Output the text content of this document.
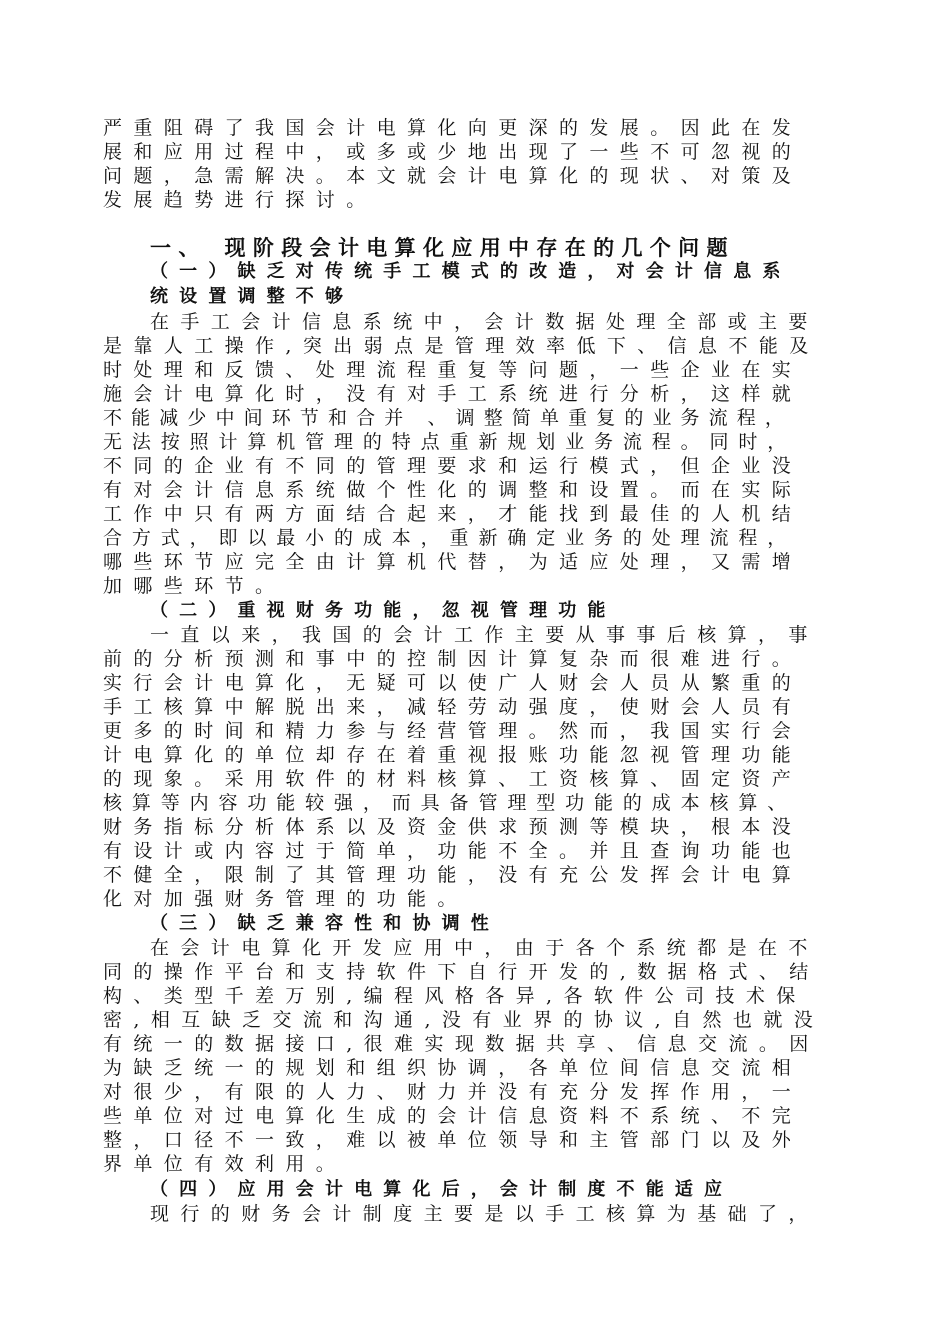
严重阻碍了我国会计电算化向更深的发展。因此在发
展和应用过程中，或多或少地出现了一些不可忽视的
问题，急需解决。本文就会计电算化的现状、对策及
发展趋势进行探讨。
一、　现阶段会计电算化应用中存在的几个问题
（一）缺乏对传统手工模式的改造，对会计信息系
统设置调整不够
在手工会计信息系统中，会计数据处理全部或主要
是靠人工操作,突出弱点是管理效率低下、信息不能及
时处理和反馈、处理流程重复等问题，一些企业在实
施会计电算化时，没有对手工系统进行分析，这样就
不能减少中间环节和合并 、调整简单重复的业务流程，
无法按照计算机管理的特点重新规划业务流程。同时，
不同的企业有不同的管理要求和运行模式，但企业没
有对会计信息系统做个性化的调整和设置。而在实际
工作中只有两方面结合起来，才能找到最佳的人机结
合方式，即以最小的成本，重新确定业务的处理流程，
哪些环节应完全由计算机代替，为适应处理，又需增
加哪些环节。
（二）重视财务功能，忽视管理功能
一直以来，我国的会计工作主要从事事后核算，事
前的分析预测和事中的控制因计算复杂而很难进行。
实行会计电算化，无疑可以使广人财会人员从繁重的
手工核算中解脱出来，减轻劳动强度，使财会人员有
更多的时间和精力参与经营管理。然而，我国实行会
计电算化的单位却存在着重视报账功能忽视管理功能
的现象。采用软件的材料核算、工资核算、固定资产
核算等内容功能较强，而具备管理型功能的成本核算、
财务指标分析体系以及资金供求预测等模块，根本没
有设计或内容过于简单，功能不全。并且查询功能也
不健全，限制了其管理功能，没有充公发挥会计电算
化对加强财务管理的功能。
（三）缺乏兼容性和协调性
在会计电算化开发应用中，由于各个系统都是在不
同的操作平台和支持软件下自行开发的,数据格式、结
构、类型千差万别,编程风格各异,各软件公司技术保
密,相互缺乏交流和沟通,没有业界的协议,自然也就没
有统一的数据接口,很难实现数据共享、信息交流。因
为缺乏统一的规划和组织协调，各单位间信息交流相
对很少，有限的人力、财力并没有充分发挥作用，一
些单位对过电算化生成的会计信息资料不系统、不完
整，口径不一致，难以被单位领导和主管部门以及外
界单位有效利用。
（四）应用会计电算化后，会计制度不能适应
现行的财务会计制度主要是以手工核算为基础了，
